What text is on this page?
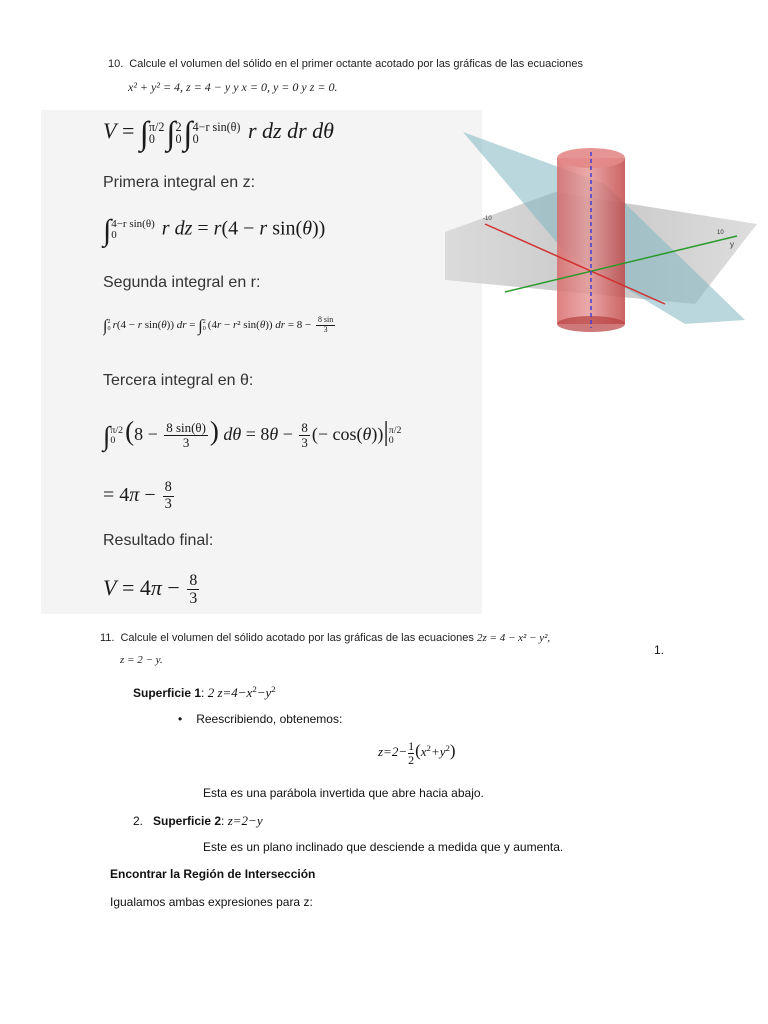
10. Calcule el volumen del sólido en el primer octante acotado por las gráficas de las ecuaciones
x² + y² = 4, z = 4 − y y x = 0, y = 0 y z = 0.
V = ∫ π/2
0 ∫ 2
0 ∫ 4−r sin(θ)
0	r dz dr dθ
Primera integral en z:
∫ 4−r sin(θ)
0	r dz = r(4 − r sin(θ))
Segunda integral en r:
∫ 2
0 r(4 − r sin(θ)) dr = ∫ 2
0 (4r − r² sin(θ)) dr = $8 - \frac{8 \sin}{3}$
Tercera integral en θ:
∫ π/2
0 ($8 - \frac{8 \sin(\theta)}{3}$ ) $d\theta = 8\theta - \frac{8}{3}$ (− cos(θ))| π/2
0
= $4\pi - \frac{8}{3}$
Resultado final:
$V = 4\pi - \frac{8}{3}$
y
10
-10
11. Calcule el volumen del sólido acotado por las gráficas de las ecuaciones 2z = 4 − x² − y²,
z = 2 − y.
1.
Superficie 1: 2 $z=4-x^2-y^2$
• Reescribiendo, obtenemos:
$z=2- \frac{1}{2} (x^2+y^2)$
Esta es una parábola invertida que abre hacia abajo.
2. Superficie 2: z=2−y
Este es un plano inclinado que desciende a medida que y aumenta.
Encontrar la Región de Intersección
Igualamos ambas expresiones para z:
